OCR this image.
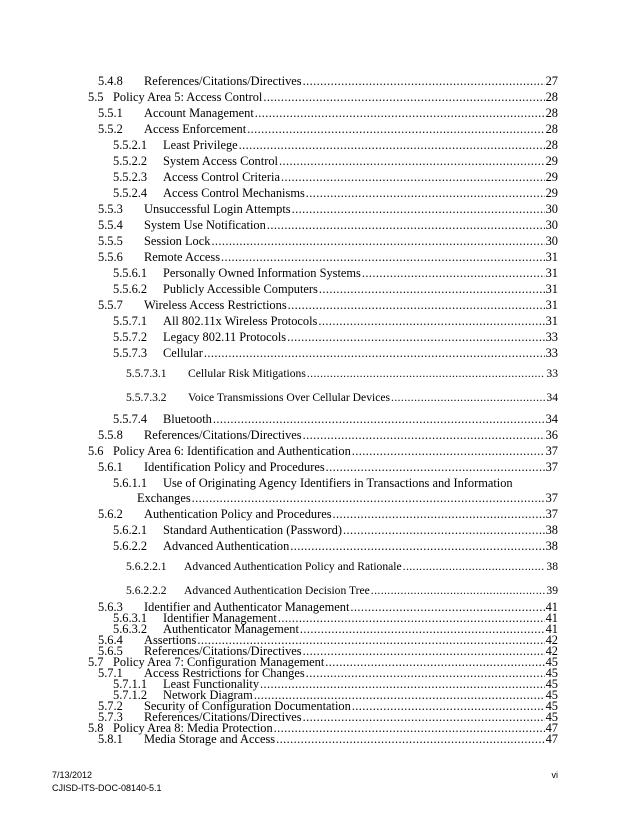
5.4.8	References/Citations/Directives .....	27
5.5 Policy Area 5: Access Control .....	28
5.5.1	Account Management .....	28
5.5.2	Access Enforcement .....	28
5.5.2.1	Least Privilege .....	28
5.5.2.2	System Access Control .....	29
5.5.2.3	Access Control Criteria .....	29
5.5.2.4	Access Control Mechanisms .....	29
5.5.3	Unsuccessful Login Attempts .....	30
5.5.4	System Use Notification .....	30
5.5.5	Session Lock .....	30
5.5.6	Remote Access .....	31
5.5.6.1	Personally Owned Information Systems .....	31
5.5.6.2	Publicly Accessible Computers .....	31
5.5.7	Wireless Access Restrictions .....	31
5.5.7.1	All 802.11x Wireless Protocols .....	31
5.5.7.2	Legacy 802.11 Protocols .....	33
5.5.7.3	Cellular .....	33
5.5.7.3.1	Cellular Risk Mitigations .....	33
5.5.7.3.2	Voice Transmissions Over Cellular Devices .....	34
5.5.7.4	Bluetooth .....	34
5.5.8	References/Citations/Directives .....	36
5.6 Policy Area 6: Identification and Authentication .....	37
5.6.1	Identification Policy and Procedures .....	37
5.6.1.1	Use of Originating Agency Identifiers in Transactions and Information
Exchanges .....	37
5.6.2	Authentication Policy and Procedures .....	37
5.6.2.1	Standard Authentication (Password) .....	38
5.6.2.2	Advanced Authentication .....	38
5.6.2.2.1	Advanced Authentication Policy and Rationale .....	38
5.6.2.2.2	Advanced Authentication Decision Tree .....	39
5.6.3	Identifier and Authenticator Management .....	41
5.6.3.1	Identifier Management .....	41
5.6.3.2	Authenticator Management .....	41
5.6.4	Assertions .....	42
5.6.5	References/Citations/Directives .....	42
5.7 Policy Area 7: Configuration Management .....	45
5.7.1	Access Restrictions for Changes .....	45
5.7.1.1	Least Functionality .....	45
5.7.1.2	Network Diagram .....	45
5.7.2	Security of Configuration Documentation .....	45
5.7.3	References/Citations/Directives .....	45
5.8 Policy Area 8: Media Protection .....	47
5.8.1	Media Storage and Access .....	47
7/13/2012
CJISD-ITS-DOC-08140-5.1
vi
